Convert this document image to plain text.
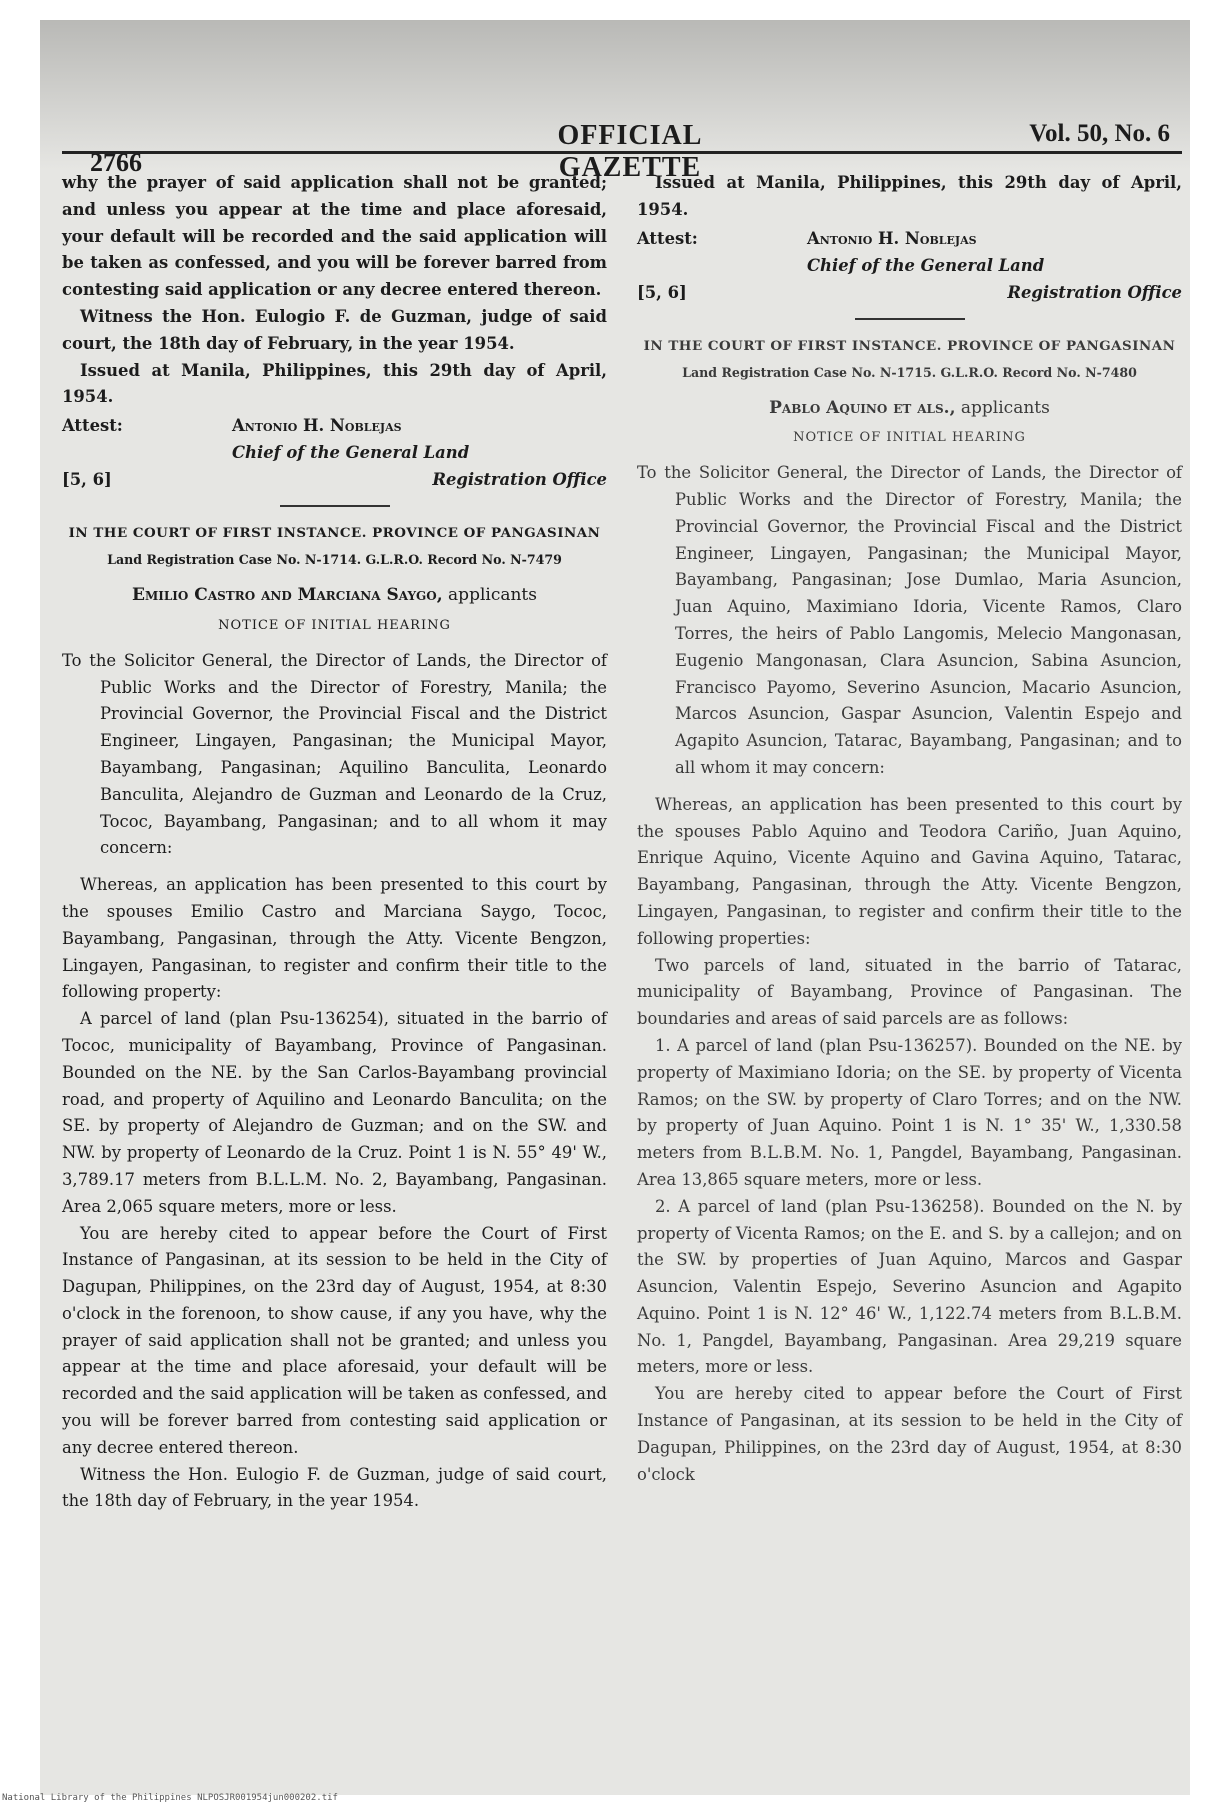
2766
OFFICIAL GAZETTE
Vol. 50, No. 6

why the prayer of said application shall not be granted; and unless you appear at the time and place aforesaid, your default will be recorded and the said application will be taken as confessed, and you will be forever barred from contesting said application or any decree entered thereon.

Witness the Hon. Eulogio F. de Guzman, judge of said court, the 18th day of February, in the year 1954.

Issued at Manila, Philippines, this 29th day of April, 1954.

Attest:	Antonio H. Noblejas
Chief of the General Land
[5, 6]	Registration Office

IN THE COURT OF FIRST INSTANCE. PROVINCE OF PANGASINAN

Land Registration Case No. N-1714. G.L.R.O. Record No. N-7479

Emilio Castro and Marciana Saygo, applicants

NOTICE OF INITIAL HEARING

To the Solicitor General, the Director of Lands, the Director of Public Works and the Director of Forestry, Manila; the Provincial Governor, the Provincial Fiscal and the District Engineer, Lingayen, Pangasinan; the Municipal Mayor, Bayambang, Pangasinan; Aquilino Banculita, Leonardo Banculita, Alejandro de Guzman and Leonardo de la Cruz, Tococ, Bayambang, Pangasinan; and to all whom it may concern:

Whereas, an application has been presented to this court by the spouses Emilio Castro and Marciana Saygo, Tococ, Bayambang, Pangasinan, through the Atty. Vicente Bengzon, Lingayen, Pangasinan, to register and confirm their title to the following property:

A parcel of land (plan Psu-136254), situated in the barrio of Tococ, municipality of Bayambang, Province of Pangasinan. Bounded on the NE. by the San Carlos-Bayambang provincial road, and property of Aquilino and Leonardo Banculita; on the SE. by property of Alejandro de Guzman; and on the SW. and NW. by property of Leonardo de la Cruz. Point 1 is N. 55° 49' W., 3,789.17 meters from B.L.L.M. No. 2, Bayambang, Pangasinan. Area 2,065 square meters, more or less.

You are hereby cited to appear before the Court of First Instance of Pangasinan, at its session to be held in the City of Dagupan, Philippines, on the 23rd day of August, 1954, at 8:30 o'clock in the forenoon, to show cause, if any you have, why the prayer of said application shall not be granted; and unless you appear at the time and place aforesaid, your default will be recorded and the said application will be taken as confessed, and you will be forever barred from contesting said application or any decree entered thereon.

Witness the Hon. Eulogio F. de Guzman, judge of said court, the 18th day of February, in the year 1954.

Issued at Manila, Philippines, this 29th day of April, 1954.

Attest:	Antonio H. Noblejas
Chief of the General Land
[5, 6]	Registration Office

IN THE COURT OF FIRST INSTANCE. PROVINCE OF PANGASINAN

Land Registration Case No. N-1715. G.L.R.O. Record No. N-7480

Pablo Aquino et als., applicants

NOTICE OF INITIAL HEARING

To the Solicitor General, the Director of Lands, the Director of Public Works and the Director of Forestry, Manila; the Provincial Governor, the Provincial Fiscal and the District Engineer, Lingayen, Pangasinan; the Municipal Mayor, Bayambang, Pangasinan; Jose Dumlao, Maria Asuncion, Juan Aquino, Maximiano Idoria, Vicente Ramos, Claro Torres, the heirs of Pablo Langomis, Melecio Mangonasan, Eugenio Mangonasan, Clara Asuncion, Sabina Asuncion, Francisco Payomo, Severino Asuncion, Macario Asuncion, Marcos Asuncion, Gaspar Asuncion, Valentin Espejo and Agapito Asuncion, Tatarac, Bayambang, Pangasinan; and to all whom it may concern:

Whereas, an application has been presented to this court by the spouses Pablo Aquino and Teodora Cariño, Juan Aquino, Enrique Aquino, Vicente Aquino and Gavina Aquino, Tatarac, Bayambang, Pangasinan, through the Atty. Vicente Bengzon, Lingayen, Pangasinan, to register and confirm their title to the following properties:

Two parcels of land, situated in the barrio of Tatarac, municipality of Bayambang, Province of Pangasinan. The boundaries and areas of said parcels are as follows:

1. A parcel of land (plan Psu-136257). Bounded on the NE. by property of Maximiano Idoria; on the SE. by property of Vicenta Ramos; on the SW. by property of Claro Torres; and on the NW. by property of Juan Aquino. Point 1 is N. 1° 35' W., 1,330.58 meters from B.L.B.M. No. 1, Pangdel, Bayambang, Pangasinan. Area 13,865 square meters, more or less.

2. A parcel of land (plan Psu-136258). Bounded on the N. by property of Vicenta Ramos; on the E. and S. by a callejon; and on the SW. by properties of Juan Aquino, Marcos and Gaspar Asuncion, Valentin Espejo, Severino Asuncion and Agapito Aquino. Point 1 is N. 12° 46' W., 1,122.74 meters from B.L.B.M. No. 1, Pangdel, Bayambang, Pangasinan. Area 29,219 square meters, more or less.

You are hereby cited to appear before the Court of First Instance of Pangasinan, at its session to be held in the City of Dagupan, Philippines, on the 23rd day of August, 1954, at 8:30 o'clock

National Library of the Philippines NLPOSJR001954jun000202.tif
